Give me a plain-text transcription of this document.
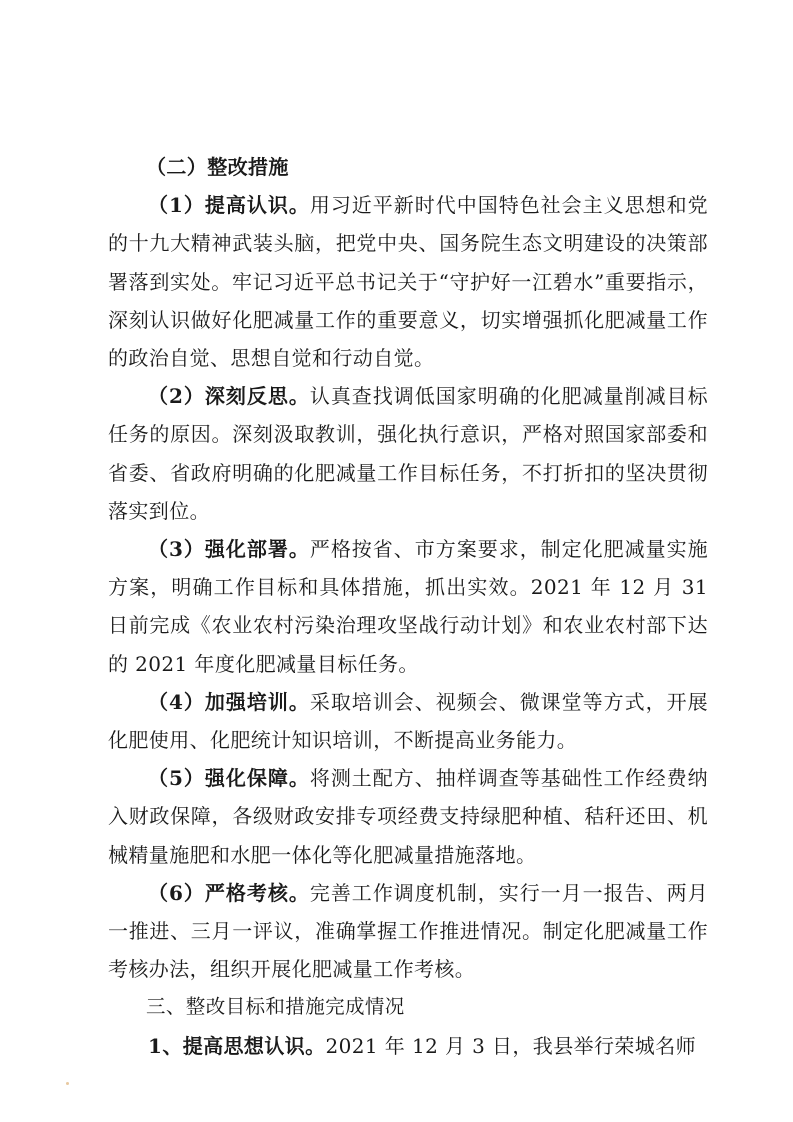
（二）整改措施

（1）提高认识。用习近平新时代中国特色社会主义思想和党的十九大精神武装头脑，把党中央、国务院生态文明建设的决策部署落到实处。牢记习近平总书记关于“守护好一江碧水”重要指示，深刻认识做好化肥减量工作的重要意义，切实增强抓化肥减量工作的政治自觉、思想自觉和行动自觉。

（2）深刻反思。认真查找调低国家明确的化肥减量削减目标任务的原因。深刻汲取教训，强化执行意识，严格对照国家部委和省委、省政府明确的化肥减量工作目标任务，不打折扣的坚决贯彻落实到位。

（3）强化部署。严格按省、市方案要求，制定化肥减量实施方案，明确工作目标和具体措施，抓出实效。2021 年 12 月 31 日前完成《农业农村污染治理攻坚战行动计划》和农业农村部下达的 2021 年度化肥减量目标任务。

（4）加强培训。采取培训会、视频会、微课堂等方式，开展化肥使用、化肥统计知识培训，不断提高业务能力。

（5）强化保障。将测土配方、抽样调查等基础性工作经费纳入财政保障，各级财政安排专项经费支持绿肥种植、秸秆还田、机械精量施肥和水肥一体化等化肥减量措施落地。

（6）严格考核。完善工作调度机制，实行一月一报告、两月一推进、三月一评议，准确掌握工作推进情况。制定化肥减量工作考核办法，组织开展化肥减量工作考核。

三、整改目标和措施完成情况

1、提高思想认识。2021 年 12 月 3 日，我县举行荣城名师
